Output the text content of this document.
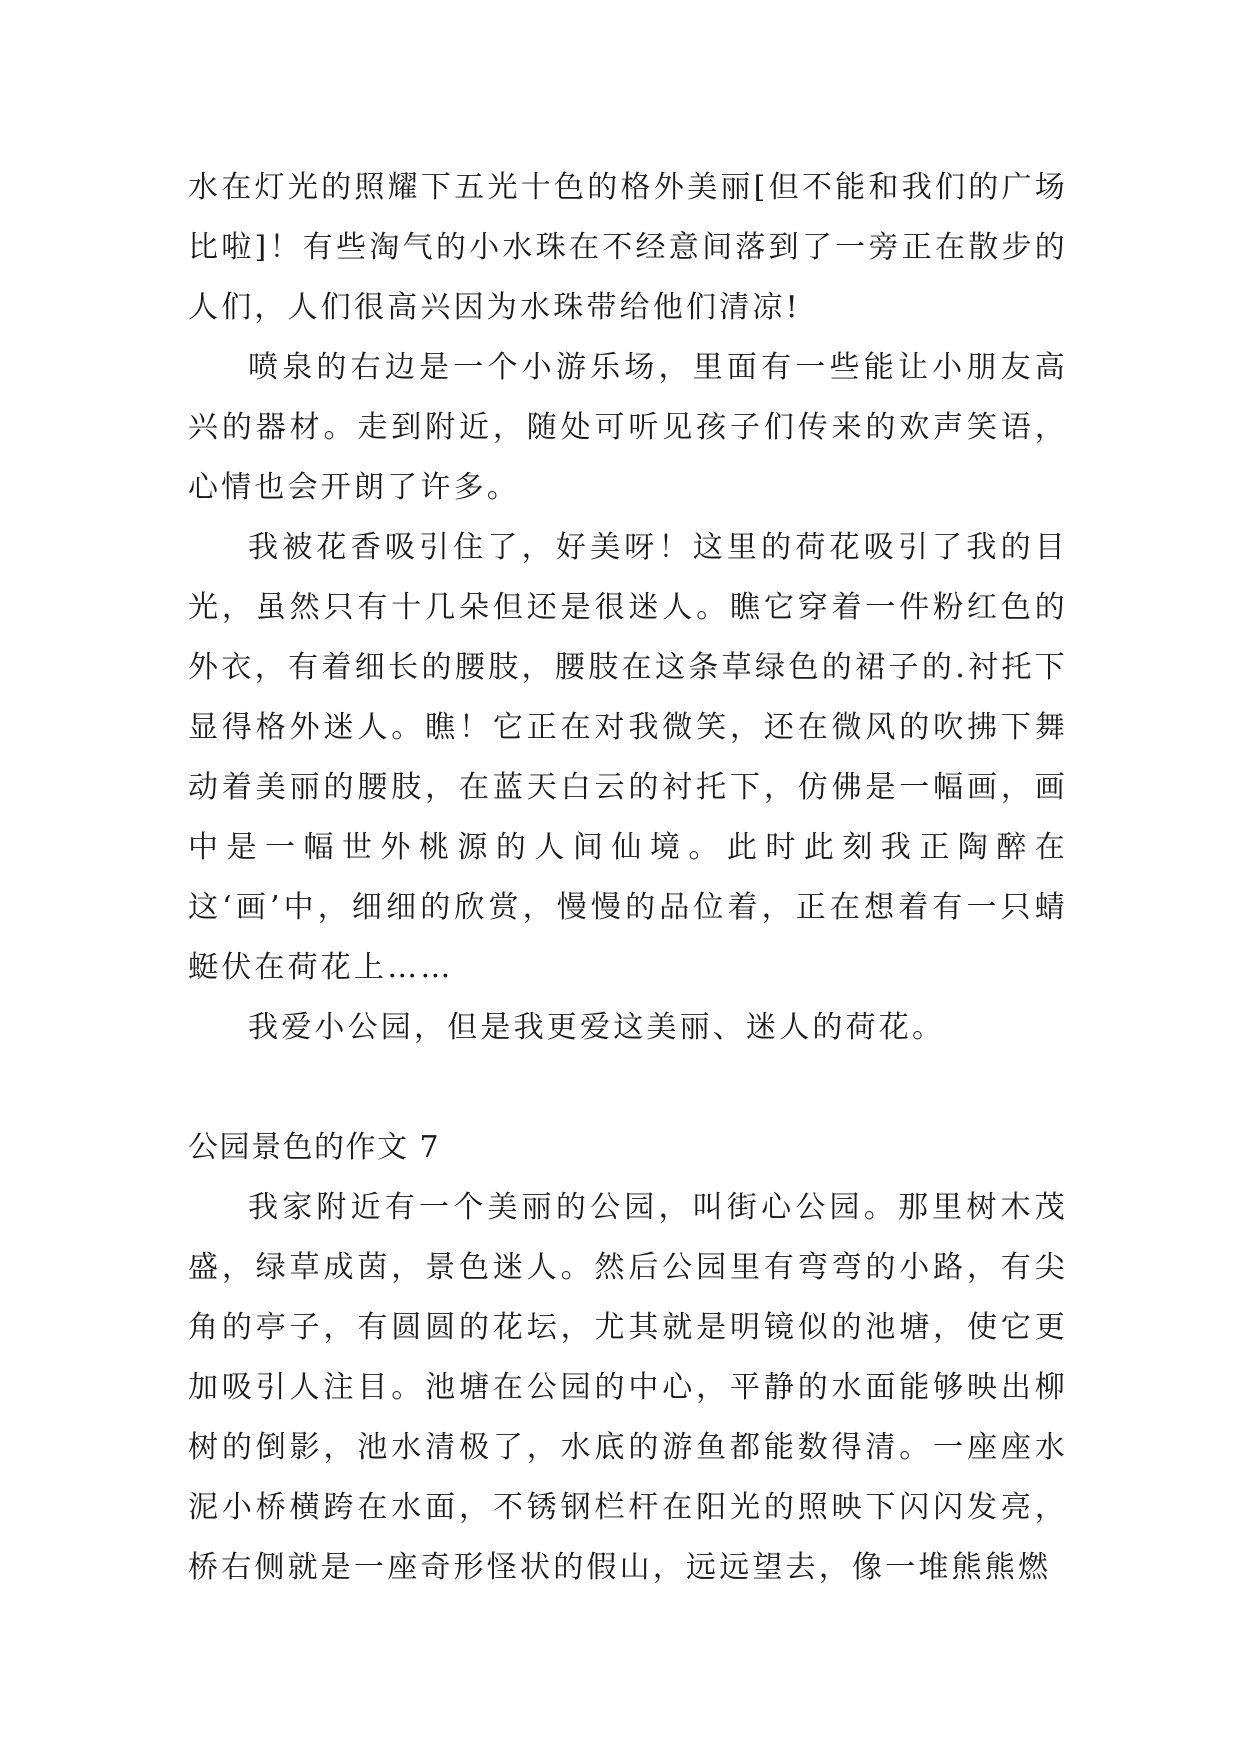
水在灯光的照耀下五光十色的格外美丽[但不能和我们的广场比啦]！有些淘气的小水珠在不经意间落到了一旁正在散步的人们，人们很高兴因为水珠带给他们清凉!

喷泉的右边是一个小游乐场，里面有一些能让小朋友高兴的器材。走到附近，随处可听见孩子们传来的欢声笑语，心情也会开朗了许多。

我被花香吸引住了，好美呀！这里的荷花吸引了我的目光，虽然只有十几朵但还是很迷人。瞧它穿着一件粉红色的外衣，有着细长的腰肢，腰肢在这条草绿色的裙子的.衬托下显得格外迷人。瞧！它正在对我微笑，还在微风的吹拂下舞动着美丽的腰肢，在蓝天白云的衬托下，仿佛是一幅画，画中是一幅世外桃源的人间仙境。此时此刻我正陶醉在这‘画’中，细细的欣赏，慢慢的品位着，正在想着有一只蜻蜓伏在荷花上……

我爱小公园，但是我更爱这美丽、迷人的荷花。

公园景色的作文 7

我家附近有一个美丽的公园，叫街心公园。那里树木茂盛，绿草成茵，景色迷人。然后公园里有弯弯的小路，有尖角的亭子，有圆圆的花坛，尤其就是明镜似的池塘，使它更加吸引人注目。池塘在公园的中心，平静的水面能够映出柳树的倒影，池水清极了，水底的游鱼都能数得清。一座座水泥小桥横跨在水面，不锈钢栏杆在阳光的照映下闪闪发亮，桥右侧就是一座奇形怪状的假山，远远望去，像一堆熊熊燃
